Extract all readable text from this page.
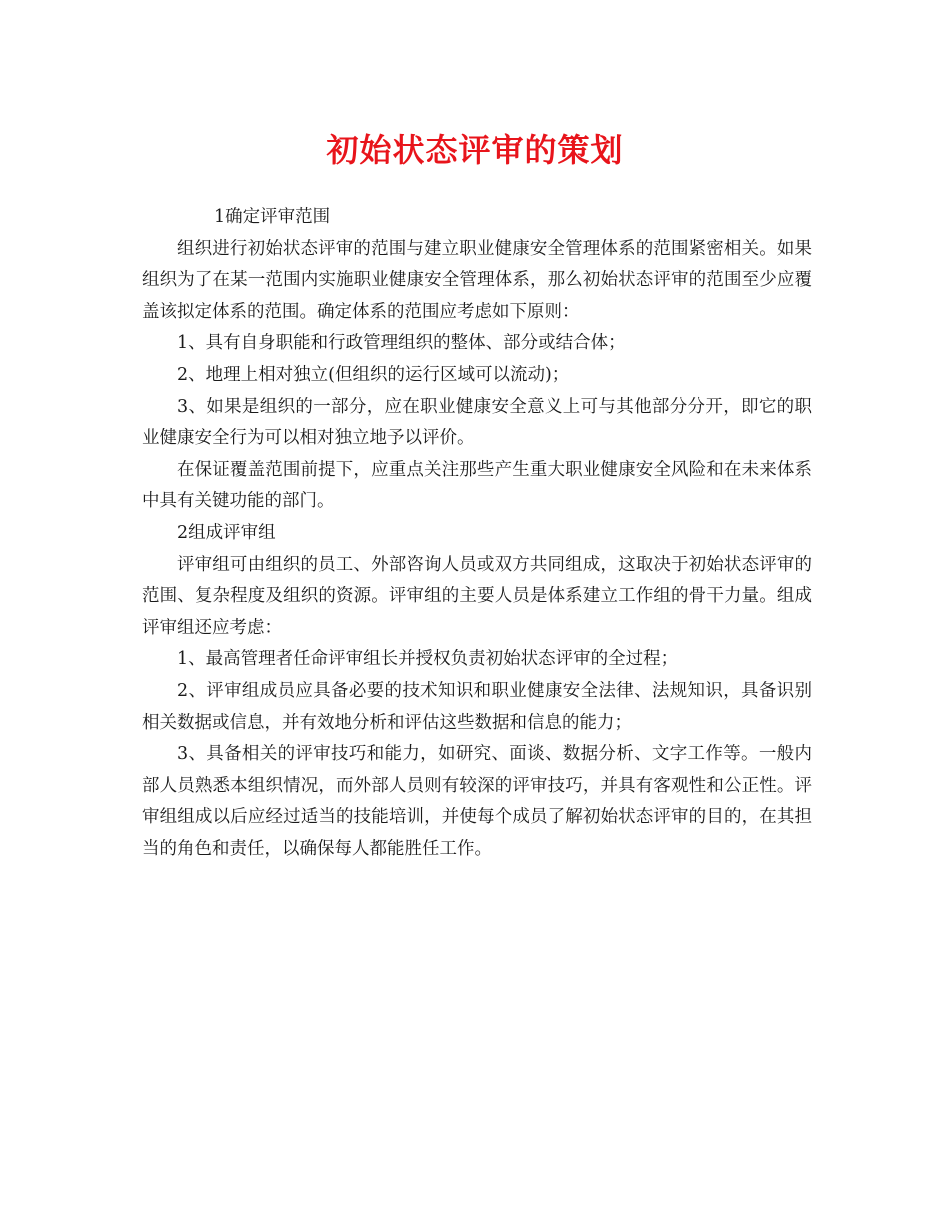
初始状态评审的策划

1确定评审范围

组织进行初始状态评审的范围与建立职业健康安全管理体系的范围紧密相关。如果组织为了在某一范围内实施职业健康安全管理体系，那么初始状态评审的范围至少应覆盖该拟定体系的范围。确定体系的范围应考虑如下原则：

1、具有自身职能和行政管理组织的整体、部分或结合体；

2、地理上相对独立(但组织的运行区域可以流动)；

3、如果是组织的一部分，应在职业健康安全意义上可与其他部分分开，即它的职业健康安全行为可以相对独立地予以评价。

在保证覆盖范围前提下，应重点关注那些产生重大职业健康安全风险和在未来体系中具有关键功能的部门。

2组成评审组

评审组可由组织的员工、外部咨询人员或双方共同组成，这取决于初始状态评审的范围、复杂程度及组织的资源。评审组的主要人员是体系建立工作组的骨干力量。组成评审组还应考虑：

1、最高管理者任命评审组长并授权负责初始状态评审的全过程；

2、评审组成员应具备必要的技术知识和职业健康安全法律、法规知识，具备识别相关数据或信息，并有效地分析和评估这些数据和信息的能力；

3、具备相关的评审技巧和能力，如研究、面谈、数据分析、文字工作等。一般内部人员熟悉本组织情况，而外部人员则有较深的评审技巧，并具有客观性和公正性。评审组组成以后应经过适当的技能培训，并使每个成员了解初始状态评审的目的，在其担当的角色和责任，以确保每人都能胜任工作。
